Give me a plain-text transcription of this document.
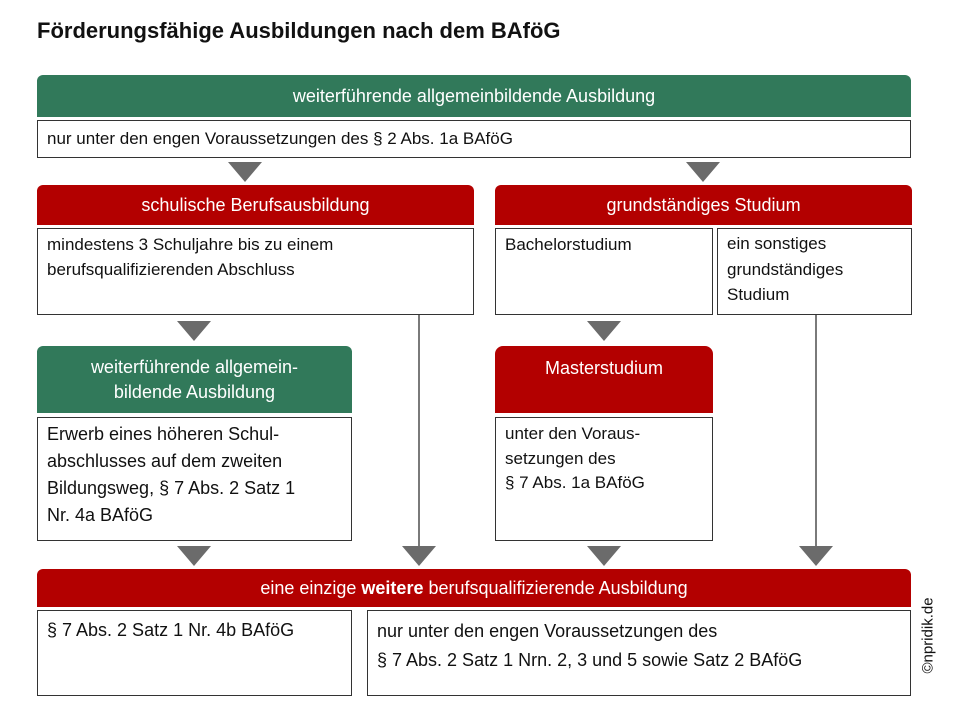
Förderungsfähige Ausbildungen nach dem BAföG
weiterführende allgemeinbildende Ausbildung
nur unter den engen Voraussetzungen des § 2 Abs. 1a BAföG
schulische Berufsausbildung
mindestens 3 Schuljahre bis zu einem
berufsqualifizierenden Abschluss
grundständiges Studium
Bachelorstudium	ein sonstiges
grundständiges
Studium
weiterführende allgemein-
bildende Ausbildung
Erwerb eines höheren Schul-
abschlusses auf dem zweiten
Bildungsweg, § 7 Abs. 2 Satz 1
Nr. 4a BAföG
Masterstudium
unter den Voraus-
setzungen des
§ 7 Abs. 1a BAföG
eine einzige weitere berufsqualifizierende Ausbildung
§ 7 Abs. 2 Satz 1 Nr. 4b BAföG	nur unter den engen Voraussetzungen des
§ 7 Abs. 2 Satz 1 Nrn. 2, 3 und 5 sowie Satz 2 BAföG	©npridik.de
